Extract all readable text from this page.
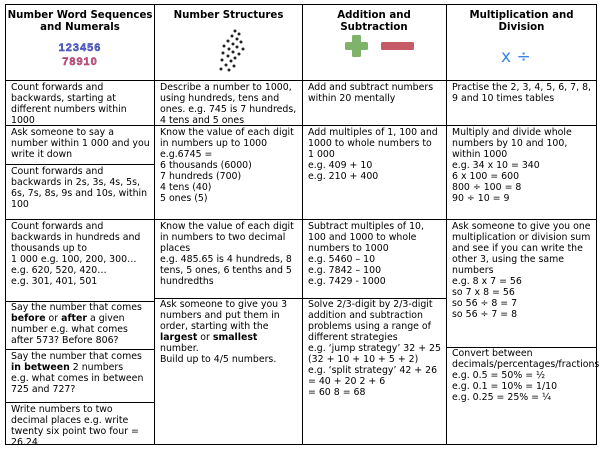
Number Word Sequences and Numerals
Number Structures	Addition and Subtraction
Multiplication and Division
123456
78910	x ÷
Count forwards and backwards, starting at different numbers within 1000
Ask someone to say a number within 1 000 and you write it down
Count forwards and backwards in 2s, 3s, 4s, 5s, 6s, 7s, 8s, 9s and 10s, within 100
Count forwards and backwards in hundreds and thousands up to
1 000 e.g. 100, 200, 300…
e.g. 620, 520, 420…
e.g. 301, 401, 501
Say the number that comes before or after a given number e.g. what comes after 573? Before 806?
Say the number that comes in between 2 numbers
e.g. what comes in between 725 and 727?
Write numbers to two decimal places e.g. write twenty six point two four = 26.24
Describe a number to 1000, using hundreds, tens and ones. e.g. 745 is 7 hundreds, 4 tens and 5 ones
Know the value of each digit in numbers up to 1000
e.g.6745 =
6 thousands (6000)
7 hundreds (700)
4 tens (40)
5 ones (5)
Know the value of each digit in numbers to two decimal places
e.g. 485.65 is 4 hundreds, 8 tens, 5 ones, 6 tenths and 5 hundredths
Ask someone to give you 3 numbers and put them in order, starting with the largest or smallest number.
Build up to 4/5 numbers.
Add and subtract numbers within 20 mentally
Add multiples of 1, 100 and 1000 to whole numbers to
1 000
e.g. 409 + 10
e.g. 210 + 400
Subtract multiples of 10, 100 and 1000 to whole numbers to 1000
e.g. 5460 – 10
e.g. 7842 – 100
e.g. 7429 - 1000
Solve 2/3-digit by 2/3-digit addition and subtraction problems using a range of different strategies
e.g. ‘jump strategy’ 32 + 25
(32 + 10 + 10 + 5 + 2)
e.g. ‘split strategy’ 42 + 26
= 40 + 20 2 + 6
= 60 8 = 68
Practise the 2, 3, 4, 5, 6, 7, 8, 9 and 10 times tables
Multiply and divide whole numbers by 10 and 100, within 1000
e.g. 34 x 10 = 340
6 x 100 = 600
800 ÷ 100 = 8
90 ÷ 10 = 9
Ask someone to give you one multiplication or division sum and see if you can write the other 3, using the same numbers
e.g. 8 x 7 = 56
so 7 x 8 = 56
so 56 ÷ 8 = 7
so 56 ÷ 7 = 8
Convert between decimals/percentages/fractions
e.g. 0.5 = 50% = ½
e.g. 0.1 = 10% = 1/10
e.g. 0.25 = 25% = ¼
